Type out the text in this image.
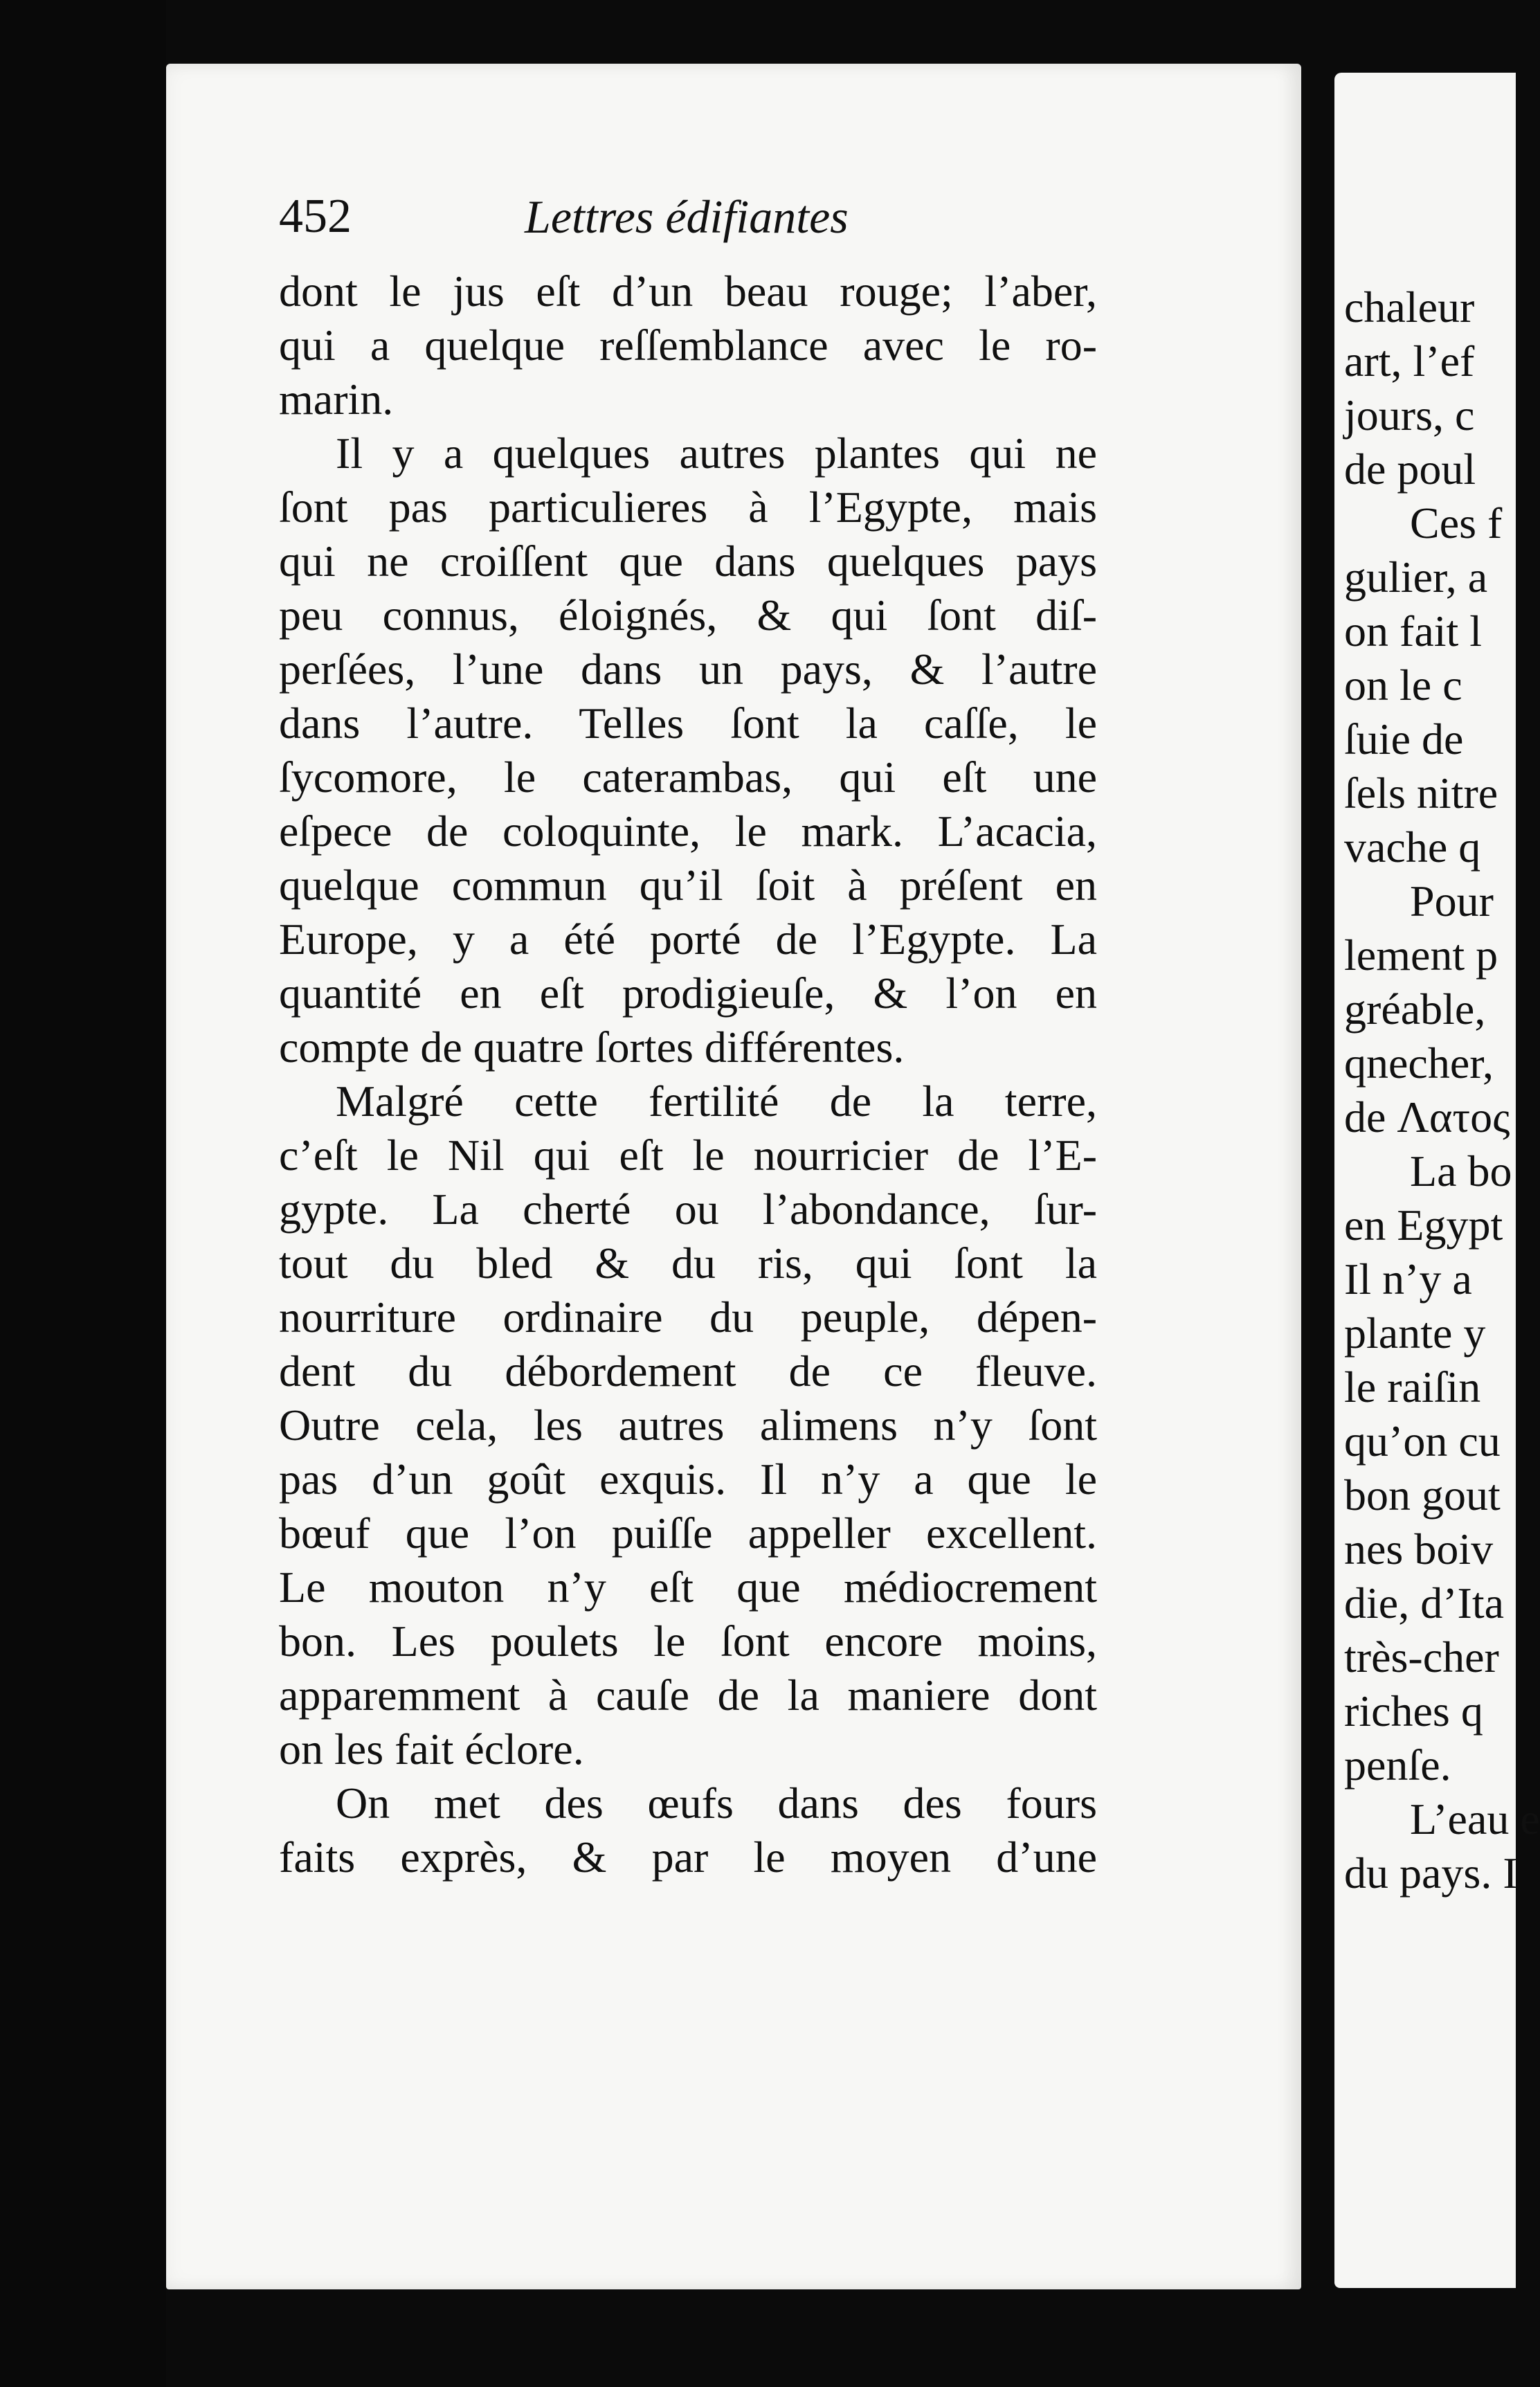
452	Lettres édifiantes
dont le jus eſt d’un beau rouge; l’aber,
qui a quelque reſſemblance avec le ro-
marin.
Il y a quelques autres plantes qui ne
ſont pas particulieres à l’Egypte, mais
qui ne croiſſent que dans quelques pays
peu connus, éloignés, & qui ſont diſ-
perſées, l’une dans un pays, & l’autre
dans l’autre. Telles ſont la caſſe, le
ſycomore, le caterambas, qui eſt une
eſpece de coloquinte, le mark. L’acacia,
quelque commun qu’il ſoit à préſent en
Europe, y a été porté de l’Egypte. La
quantité en eſt prodigieuſe, & l’on en
compte de quatre ſortes différentes.
Malgré cette fertilité de la terre,
c’eſt le Nil qui eſt le nourricier de l’E-
gypte. La cherté ou l’abondance, ſur-
tout du bled & du ris, qui ſont la
nourriture ordinaire du peuple, dépen-
dent du débordement de ce fleuve.
Outre cela, les autres alimens n’y ſont
pas d’un goût exquis. Il n’y a que le
bœuf que l’on puiſſe appeller excellent.
Le mouton n’y eſt que médiocrement
bon. Les poulets le ſont encore moins,
apparemment à cauſe de la maniere dont
on les fait éclore.
On met des œufs dans des fours
faits exprès, & par le moyen d’une
chaleur
art, l’ef
jours, c
de poul
Ces f
gulier, a
on fait l
on le c
ſuie de
ſels nitre
vache q
Pour
lement p
gréable,
qnecher,
de Λατος
La bo
en Egypt
Il n’y a
plante y
le raiſin
qu’on cu
bon gout
nes boiv
die, d’Ita
très-cher
riches q
penſe.
L’eau e
du pays. I
